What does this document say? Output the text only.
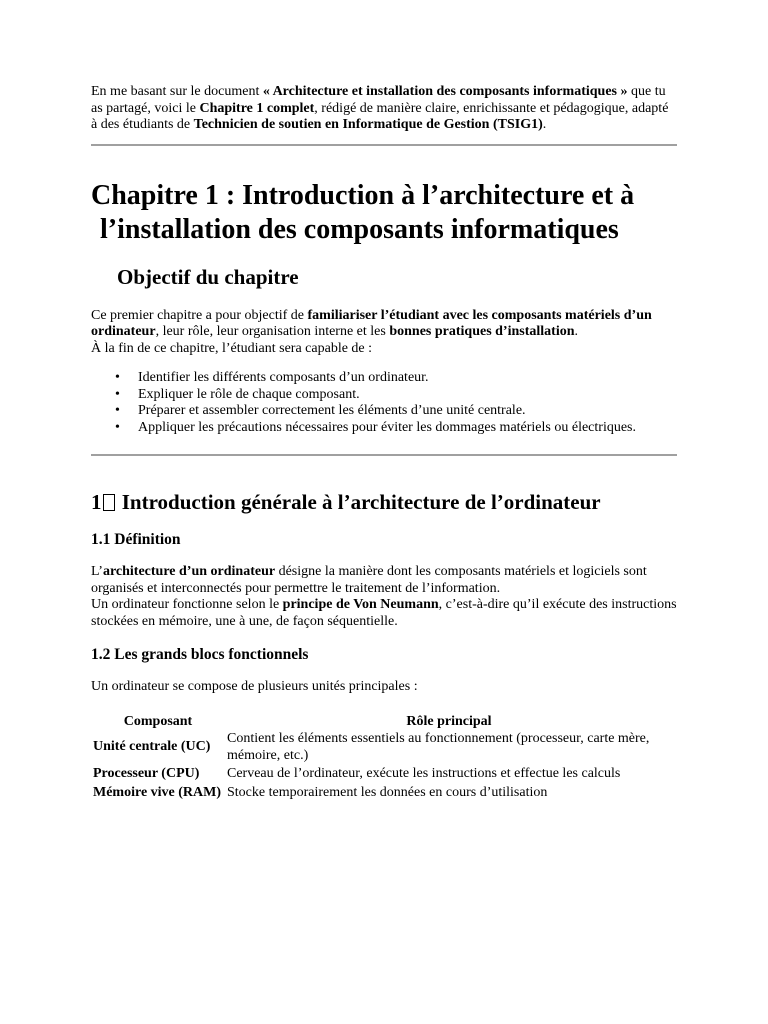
En me basant sur le document « Architecture et installation des composants informatiques » que tu as partagé, voici le Chapitre 1 complet, rédigé de manière claire, enrichissante et pédagogique, adapté à des étudiants de Technicien de soutien en Informatique de Gestion (TSIG1).

Chapitre 1 : Introduction à l’architecture et à l’installation des composants informatiques
Objectif du chapitre

Ce premier chapitre a pour objectif de familiariser l’étudiant avec les composants matériels d’un ordinateur, leur rôle, leur organisation interne et les bonnes pratiques d’installation.
À la fin de ce chapitre, l’étudiant sera capable de :

• Identifier les différents composants d’un ordinateur.
• Expliquer le rôle de chaque composant.
• Préparer et assembler correctement les éléments d’une unité centrale.
• Appliquer les précautions nécessaires pour éviter les dommages matériels ou électriques.
1 Introduction générale à l’architecture de l’ordinateur
1.1 Définition

L’architecture d’un ordinateur désigne la manière dont les composants matériels et logiciels sont organisés et interconnectés pour permettre le traitement de l’information.
Un ordinateur fonctionne selon le principe de Von Neumann, c’est-à-dire qu’il exécute des instructions stockées en mémoire, une à une, de façon séquentielle.

1.2 Les grands blocs fonctionnels

Un ordinateur se compose de plusieurs unités principales :

Composant	Rôle principal
Unité centrale (UC)	Contient les éléments essentiels au fonctionnement (processeur, carte mère, mémoire, etc.)
Processeur (CPU)	Cerveau de l’ordinateur, exécute les instructions et effectue les calculs
Mémoire vive (RAM)	Stocke temporairement les données en cours d’utilisation
